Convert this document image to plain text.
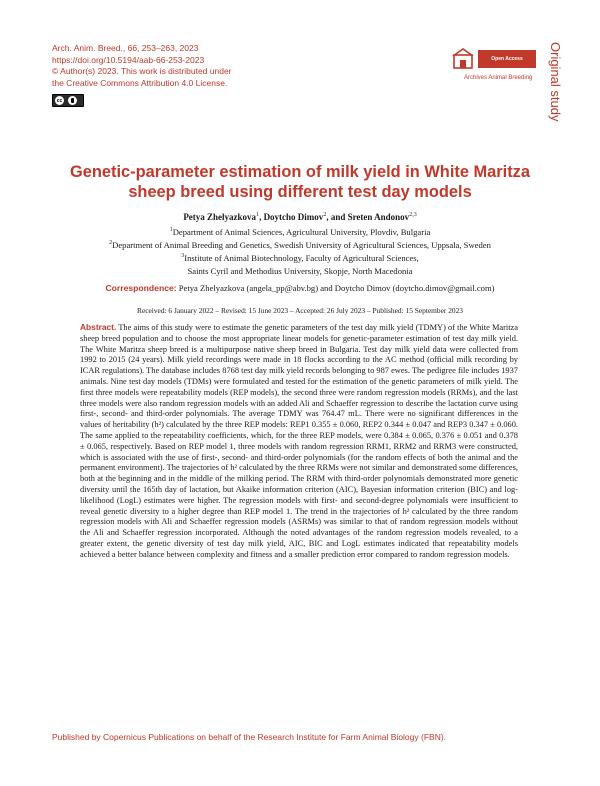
Arch. Anim. Breed., 66, 253–263, 2023
https://doi.org/10.5194/aab-66-253-2023
© Author(s) 2023. This work is distributed under
the Creative Commons Attribution 4.0 License.
cc
Open Access
Archives Animal Breeding Original study
Genetic-parameter estimation of milk yield in White Maritza sheep breed using different test day models
Petya Zhelyazkova$^1$, Doytcho Dimov$^2$, and Sreten Andonov$^{2,3}$
$^1$Department of Animal Sciences, Agricultural University, Plovdiv, Bulgaria
$^2$Department of Animal Breeding and Genetics, Swedish University of Agricultural Sciences, Uppsala, Sweden
$^3$Institute of Animal Biotechnology, Faculty of Agricultural Sciences,
Saints Cyril and Methodius University, Skopje, North Macedonia
Correspondence: Petya Zhelyazkova (angela_pp@abv.bg) and Doytcho Dimov (doytcho.dimov@gmail.com)
Received: 6 January 2022 – Revised: 15 June 2023 – Accepted: 26 July 2023 – Published: 15 September 2023
Abstract. The aims of this study were to estimate the genetic parameters of the test day milk yield (TDMY) of the White Maritza sheep breed population and to choose the most appropriate linear models for genetic-parameter estimation of test day milk yield. The White Maritza sheep breed is a multipurpose native sheep breed in Bulgaria. Test day milk yield data were collected from 1992 to 2015 (24 years). Milk yield recordings were made in 18 flocks according to the AC method (official milk recording by ICAR regulations). The database includes 8768 test day milk yield records belonging to 987 ewes. The pedigree file includes 1937 animals. Nine test day models (TDMs) were formulated and tested for the estimation of the genetic parameters of milk yield. The first three models were repeatability models (REP models), the second three were random regression models (RRMs), and the last three models were also random regression models with an added Ali and Schaeffer regression to describe the lactation curve using first-, second- and third-order polynomials. The average TDMY was 764.47 mL. There were no significant differences in the values of heritability (h²) calculated by the three REP models: REP1 0.355 ± 0.060, REP2 0.344 ± 0.047 and REP3 0.347 ± 0.060. The same applied to the repeatability coefficients, which, for the three REP models, were 0.384 ± 0.065, 0.376 ± 0.051 and 0.378 ± 0.065, respectively. Based on REP model 1, three models with random regression RRM1, RRM2 and RRM3 were constructed, which is associated with the use of first-, second- and third-order polynomials (for the random effects of both the animal and the permanent environment). The trajectories of h² calculated by the three RRMs were not similar and demonstrated some differences, both at the beginning and in the middle of the milking period. The RRM with third-order polynomials demonstrated more genetic diversity until the 165th day of lactation, but Akaike information criterion (AIC), Bayesian information criterion (BIC) and log-likelihood (LogL) estimates were higher. The regression models with first- and second-degree polynomials were insufficient to reveal genetic diversity to a higher degree than REP model 1. The trend in the trajectories of h² calculated by the three random regression models with Ali and Schaeffer regression models (ASRMs) was similar to that of random regression models without the Ali and Schaeffer regression incorporated. Although the noted advantages of the random regression models revealed, to a greater extent, the genetic diversity of test day milk yield, AIC, BIC and LogL estimates indicated that repeatability models achieved a better balance between complexity and fitness and a smaller prediction error compared to random regression models.
Published by Copernicus Publications on behalf of the Research Institute for Farm Animal Biology (FBN).
